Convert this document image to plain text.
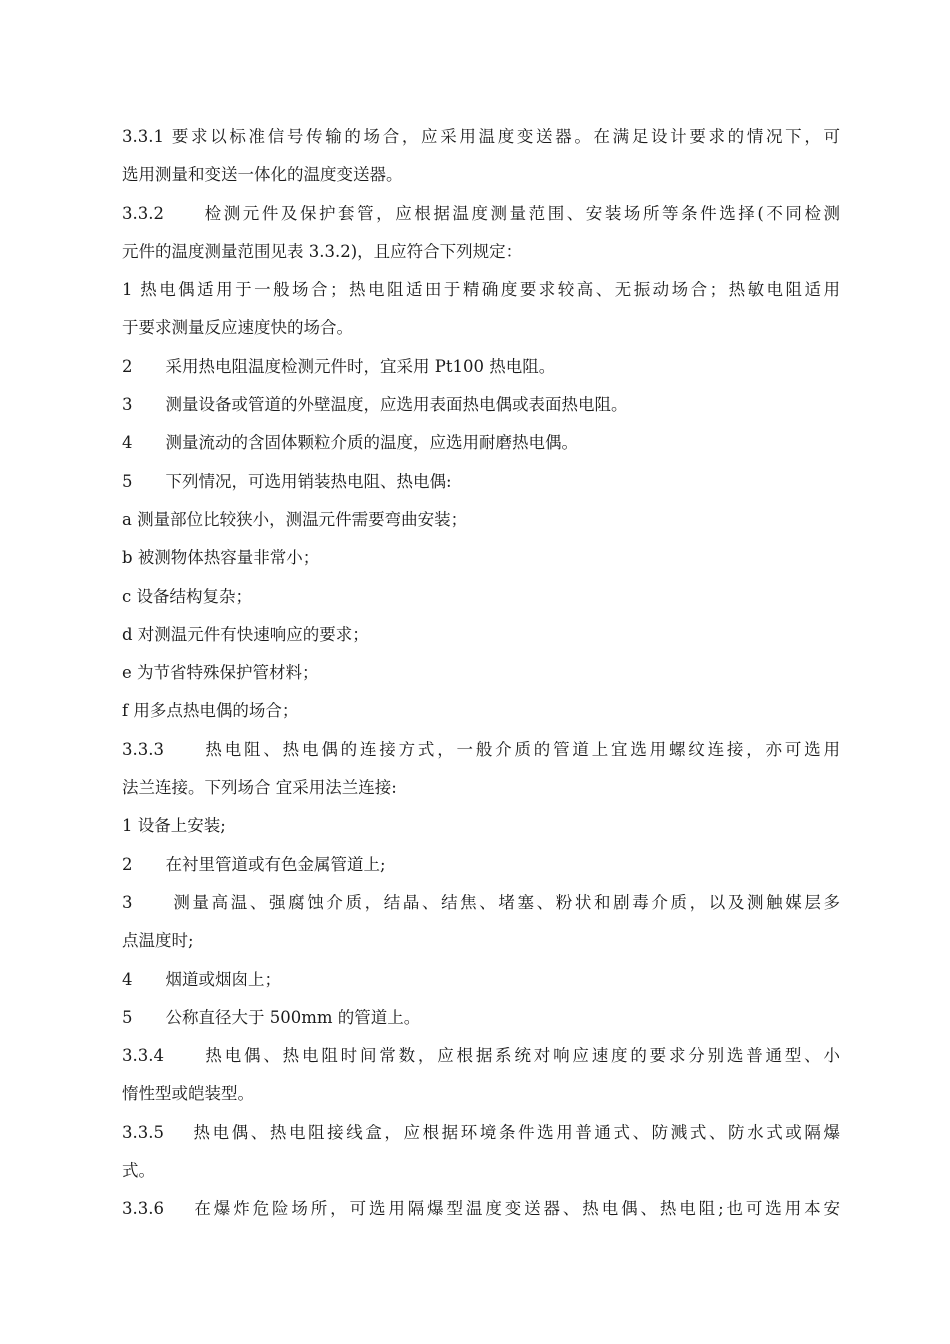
3.3.1 要求以标准信号传输的场合，应采用温度变送器。在满足设计要求的情况下，可
选用测量和变送一体化的温度变送器。
3.3.2　　检测元件及保护套管，应根据温度测量范围、安装场所等条件选择(不同检测
元件的温度测量范围见表 3.3.2)，且应符合下列规定：
1 热电偶适用于一般场合；热电阻适田于精确度要求较高、无振动场合；热敏电阻适用
于要求测量反应速度快的场合。
2　　采用热电阻温度检测元件时，宜采用 Pt100 热电阻。
3　　测量设备或管道的外壁温度，应选用表面热电偶或表面热电阻。
4　　测量流动的含固体颗粒介质的温度，应选用耐磨热电偶。
5　　下列情况，可选用销装热电阻、热电偶:
a 测量部位比较狭小，测温元件需要弯曲安装；
b 被测物体热容量非常小；
c 设备结构复杂；
d 对测温元件有快速响应的要求；
e 为节省特殊保护管材料；
f 用多点热电偶的场合；
3.3.3　　热电阻、热电偶的连接方式，一般介质的管道上宜选用螺纹连接，亦可选用
法兰连接。下列场合 宜采用法兰连接:
1 设备上安装;
2　　在衬里管道或有色金属管道上;
3　　测量高温、强腐蚀介质，结晶、结焦、堵塞、粉状和剧毒介质，以及测触媒层多
点温度时;
4　　烟道或烟囱上；
5　　公称直径大于 500mm 的管道上。
3.3.4　　热电偶、热电阻时间常数，应根据系统对响应速度的要求分别选普通型、小
惰性型或皑装型。
3.3.5　 热电偶、热电阻接线盒，应根据环境条件选用普通式、防溅式、防水式或隔爆
式。
3.3.6　 在爆炸危险场所，可选用隔爆型温度变送器、热电偶、热电阻;也可选用本安
